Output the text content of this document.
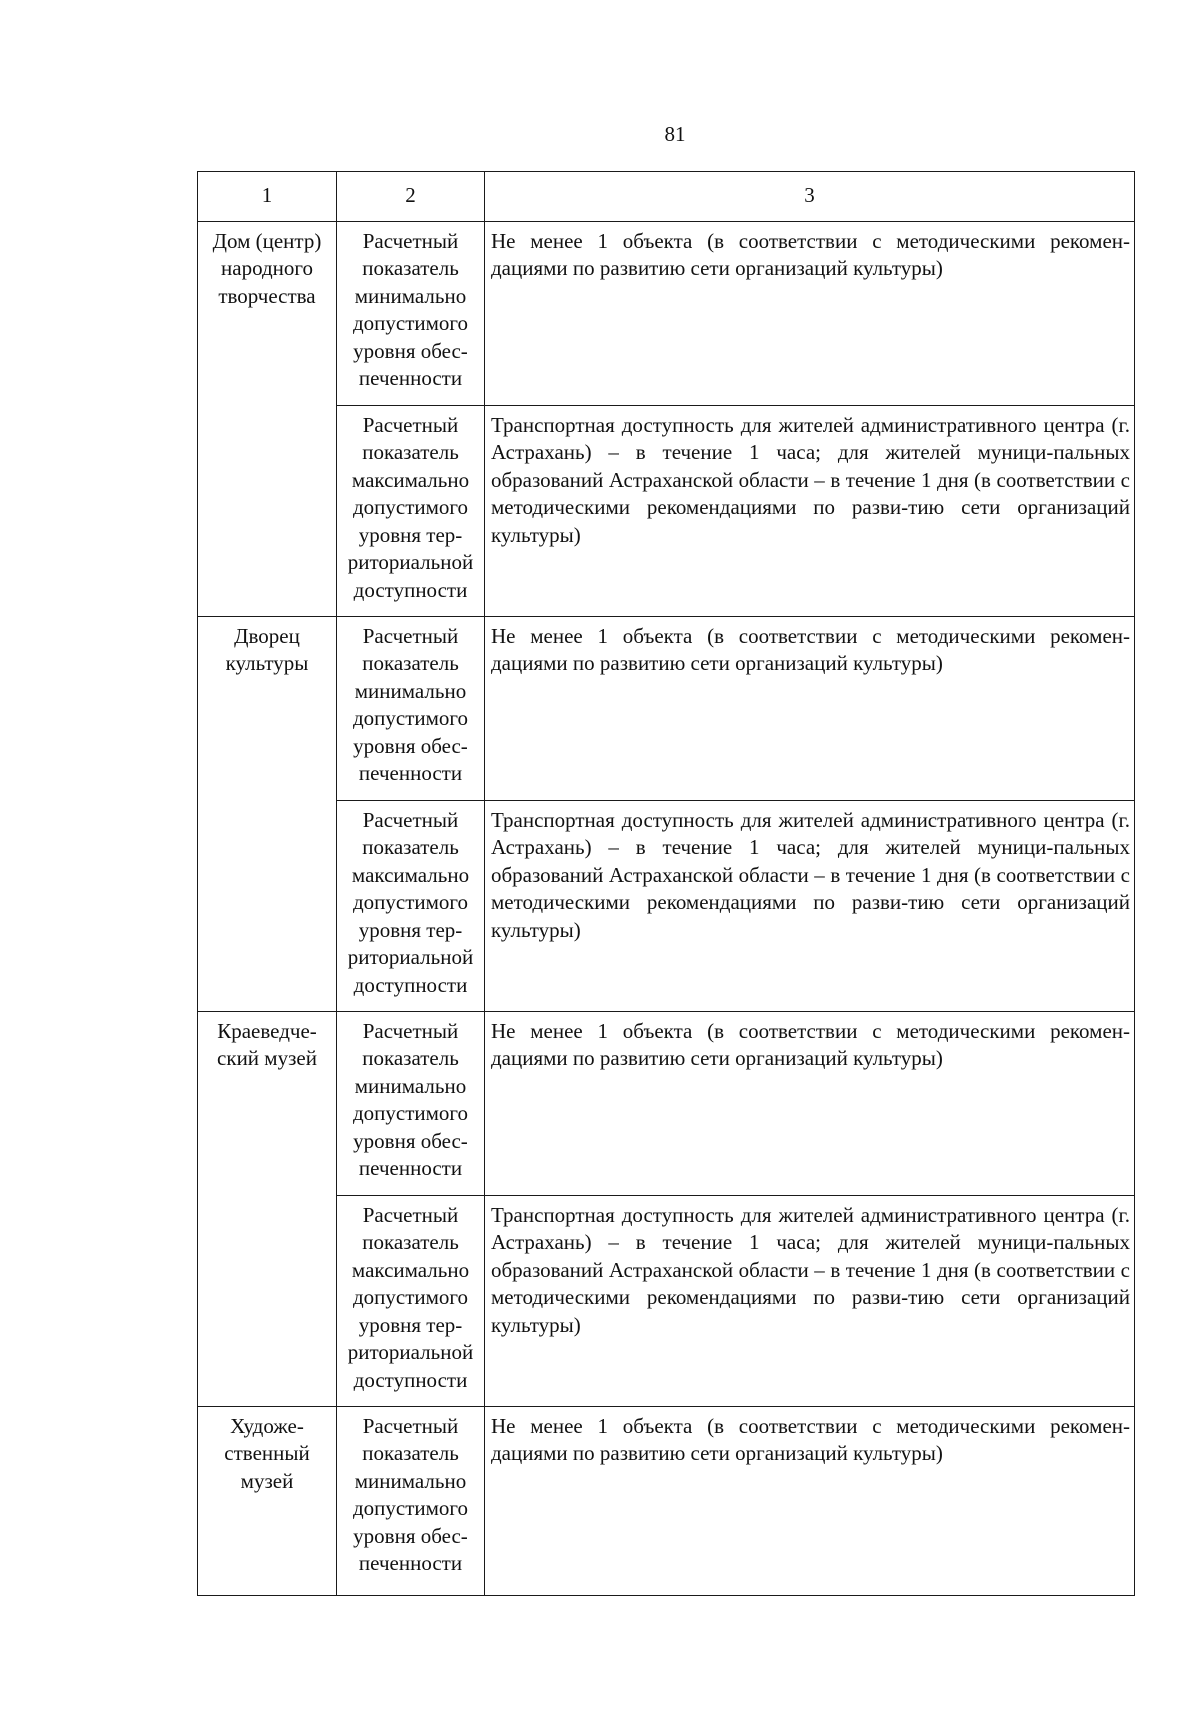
81
1	2	3
Дом (центр) народного творчества	Расчетный показатель минимально допустимого уровня обес-печенности	Не менее 1 объекта (в соответствии с методическими рекомен-дациями по развитию сети организаций культуры)
	Расчетный показатель максимально допустимого уровня тер-риториальной доступности	Транспортная доступность для жителей административного центра (г. Астрахань) – в течение 1 часа; для жителей муници-пальных образований Астраханской области – в течение 1 дня (в соответствии с методическими рекомендациями по разви-тию сети организаций культуры)
Дворец культуры	Расчетный показатель минимально допустимого уровня обес-печенности	Не менее 1 объекта (в соответствии с методическими рекомен-дациями по развитию сети организаций культуры)
	Расчетный показатель максимально допустимого уровня тер-риториальной доступности	Транспортная доступность для жителей административного центра (г. Астрахань) – в течение 1 часа; для жителей муници-пальных образований Астраханской области – в течение 1 дня (в соответствии с методическими рекомендациями по разви-тию сети организаций культуры)
Краеведче-ский музей	Расчетный показатель минимально допустимого уровня обес-печенности	Не менее 1 объекта (в соответствии с методическими рекомен-дациями по развитию сети организаций культуры)
	Расчетный показатель максимально допустимого уровня тер-риториальной доступности	Транспортная доступность для жителей административного центра (г. Астрахань) – в течение 1 часа; для жителей муници-пальных образований Астраханской области – в течение 1 дня (в соответствии с методическими рекомендациями по разви-тию сети организаций культуры)
Художе-ственный музей	Расчетный показатель минимально допустимого уровня обес-печенности	Не менее 1 объекта (в соответствии с методическими рекомен-дациями по развитию сети организаций культуры)
